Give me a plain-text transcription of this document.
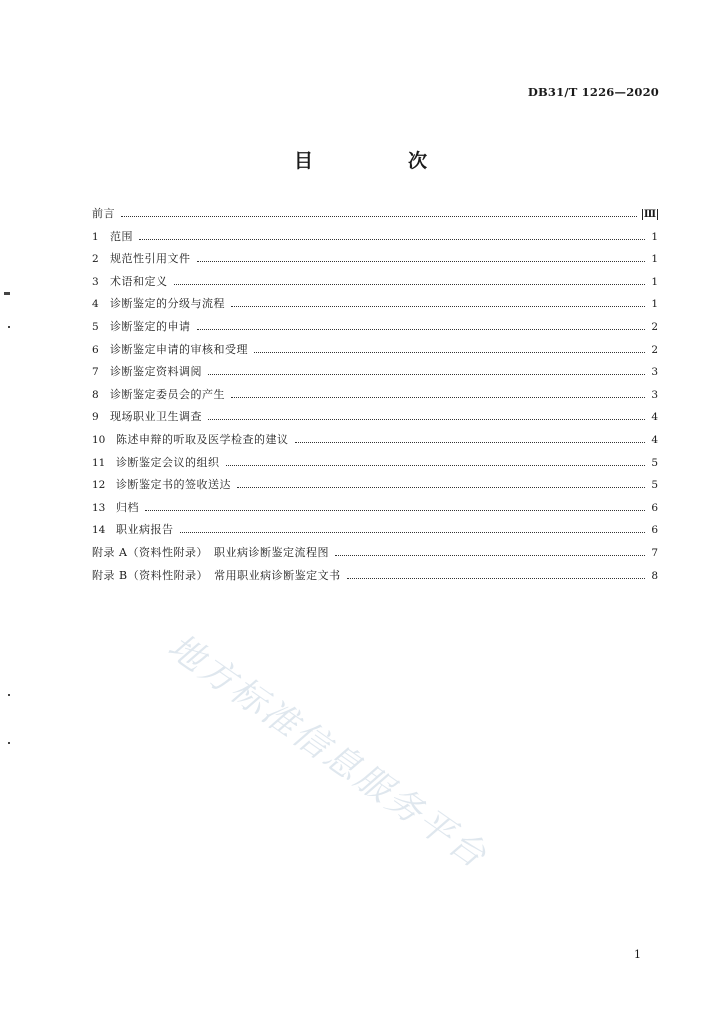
DB31/T 1226—2020
目　次
前言	Ⅲ
1	范围	1
2	规范性引用文件	1
3	术语和定义	1
4	诊断鉴定的分级与流程	1
5	诊断鉴定的申请	2
6	诊断鉴定申请的审核和受理	2
7	诊断鉴定资料调阅	3
8	诊断鉴定委员会的产生	3
9	现场职业卫生调查	4
10 陈述申辩的听取及医学检查的建议	4
11 诊断鉴定会议的组织	5
12 诊断鉴定书的签收送达	5
13 归档	6
14 职业病报告	6
附录 A（资料性附录）　职业病诊断鉴定流程图	7
附录 B（资料性附录）　常用职业病诊断鉴定文书	8
地方标准信息服务平台
1
